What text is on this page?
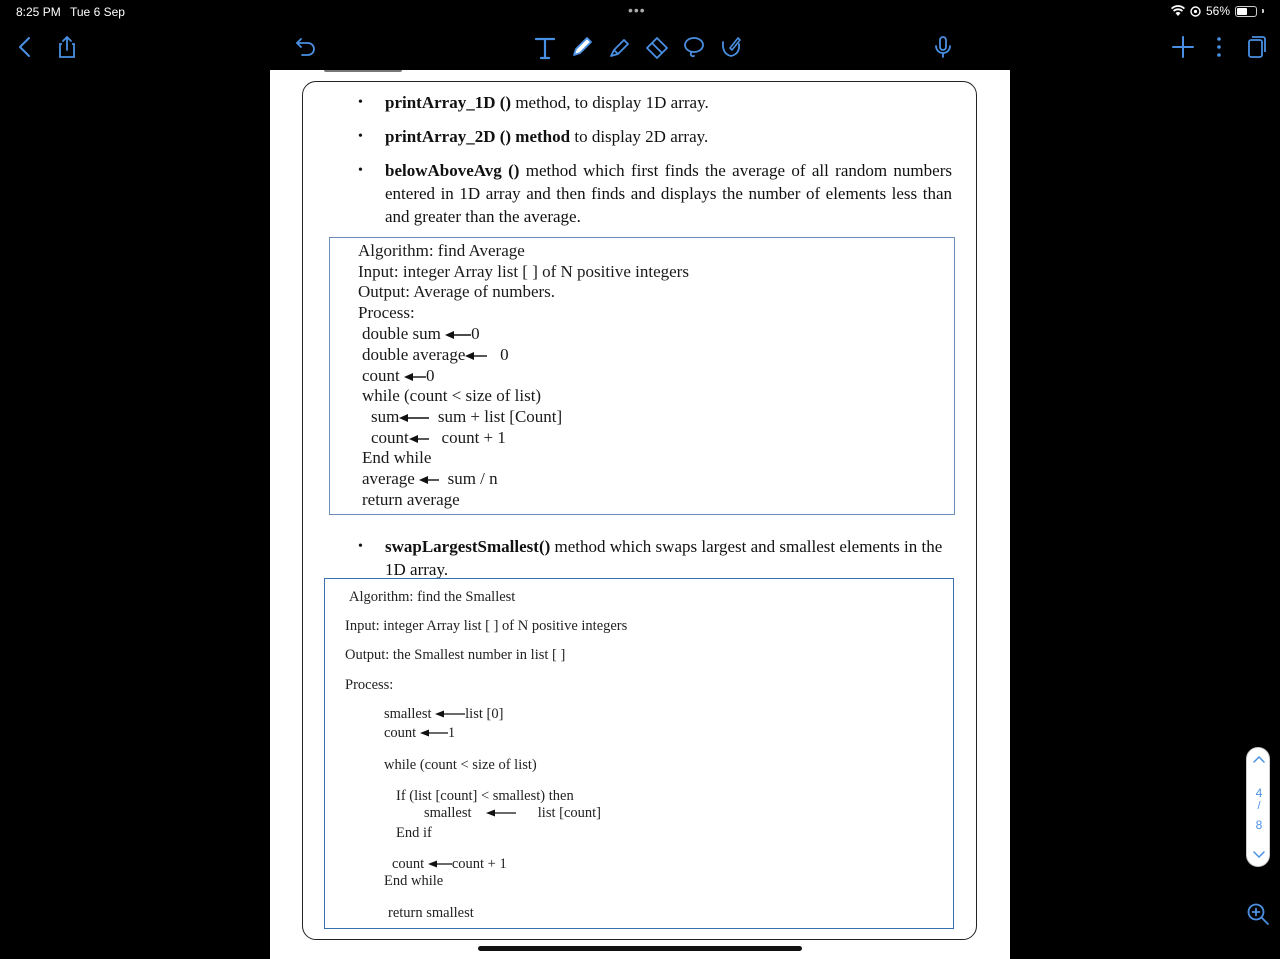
8:25 PM Tue 6 Sep	•••	56%
• printArray_1D () method, to display 1D array.
• printArray_2D () method to display 2D array.
• belowAboveAvg () method which first finds the average of all random numbers
entered in 1D array and then finds and displays the number of elements less than
and greater than the average.
Algorithm: find Average
Input: integer Array list [ ] of N positive integers
Output: Average of numbers.
Process:
double sum 0
double average 0
count 0
while (count < size of list)
sum sum + list [Count]
count count + 1
End while
average sum / n
return average
• swapLargestSmallest() method which swaps largest and smallest elements in the
1D array.
Algorithm: find the Smallest
Input: integer Array list [ ] of N positive integers
Output: the Smallest number in list [ ]
Process:
smallest list [0]
count 1
while (count < size of list)
If (list [count] < smallest) then
smallest	list [count]
End if
count count + 1
End while
return smallest
4
/
8
